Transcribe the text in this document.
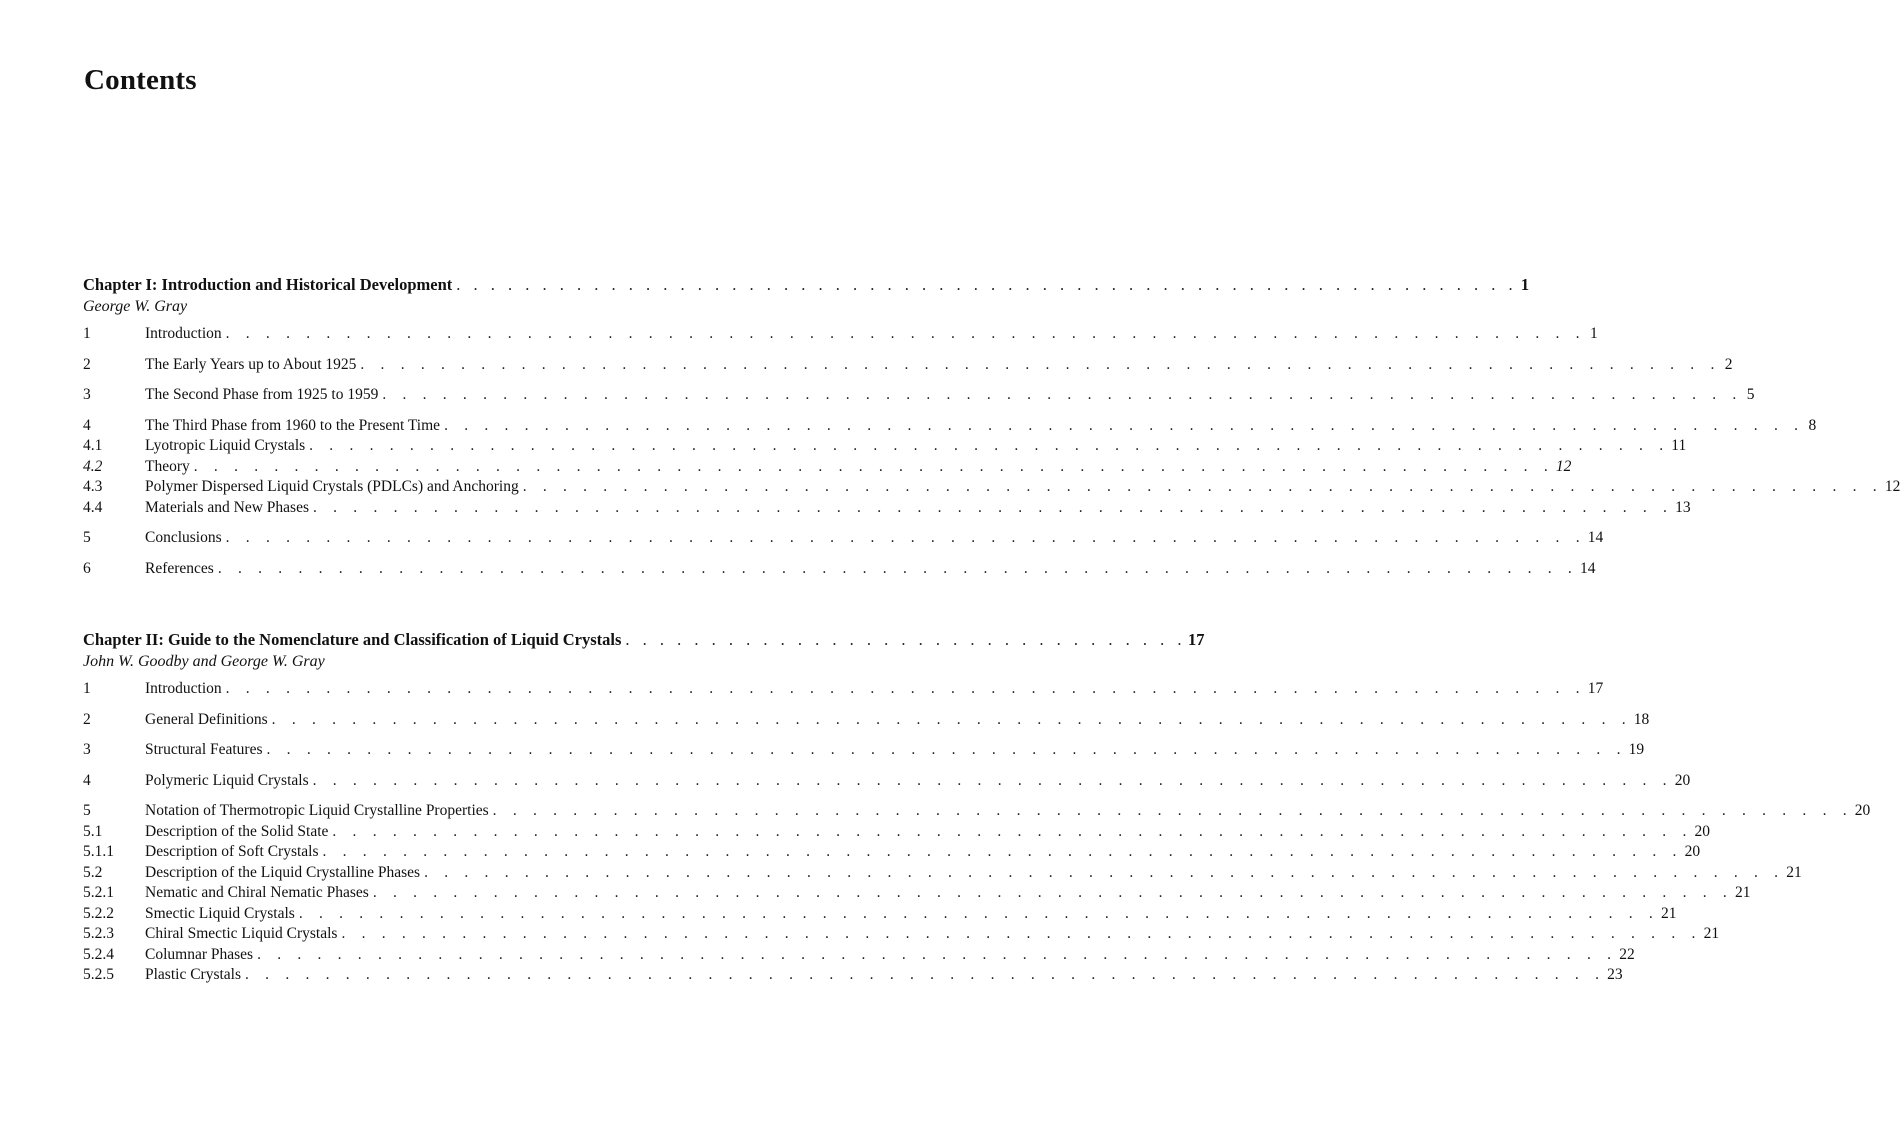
Contents
Chapter I: Introduction and Historical Development . . . . . . . . . . . . . . . . . . . . . . . . . . . . . . . . . . . . . . . . . . . . . . . . . . . . . . . . . . . . . . 1
George W. Gray
1	Introduction . . . . . . . . . . . . . . . . . . . . . . . . . . . . . . . . . . . . . . . . . . . . . . . . . . . . . . . . . . . . . . . . . . . . 1
2	The Early Years up to About 1925 . . . . . . . . . . . . . . . . . . . . . . . . . . . . . . . . . . . . . . . . . . . . . . . . . . . . . . . . . . . . . . . . . . . . 2
3	The Second Phase from 1925 to 1959 . . . . . . . . . . . . . . . . . . . . . . . . . . . . . . . . . . . . . . . . . . . . . . . . . . . . . . . . . . . . . . . . . . . . 5
4	The Third Phase from 1960 to the Present Time . . . . . . . . . . . . . . . . . . . . . . . . . . . . . . . . . . . . . . . . . . . . . . . . . . . . . . . . . . . . . . . . . . . . 8
4.1	Lyotropic Liquid Crystals . . . . . . . . . . . . . . . . . . . . . . . . . . . . . . . . . . . . . . . . . . . . . . . . . . . . . . . . . . . . . . . . . . . . 11
4.2	Theory . . . . . . . . . . . . . . . . . . . . . . . . . . . . . . . . . . . . . . . . . . . . . . . . . . . . . . . . . . . . . . . . . . . . 12
4.3	Polymer Dispersed Liquid Crystals (PDLCs) and Anchoring . . . . . . . . . . . . . . . . . . . . . . . . . . . . . . . . . . . . . . . . . . . . . . . . . . . . . . . . . . . . . . . . . . . . 12
4.4	Materials and New Phases . . . . . . . . . . . . . . . . . . . . . . . . . . . . . . . . . . . . . . . . . . . . . . . . . . . . . . . . . . . . . . . . . . . . 13
5	Conclusions . . . . . . . . . . . . . . . . . . . . . . . . . . . . . . . . . . . . . . . . . . . . . . . . . . . . . . . . . . . . . . . . . . . . 14
6	References . . . . . . . . . . . . . . . . . . . . . . . . . . . . . . . . . . . . . . . . . . . . . . . . . . . . . . . . . . . . . . . . . . . . 14
Chapter II: Guide to the Nomenclature and Classification of Liquid Crystals . . . . . . . . . . . . . . . . . . . . . . . . . . . . . . . . . 17
John W. Goodby and George W. Gray
1	Introduction . . . . . . . . . . . . . . . . . . . . . . . . . . . . . . . . . . . . . . . . . . . . . . . . . . . . . . . . . . . . . . . . . . . . 17
2	General Definitions . . . . . . . . . . . . . . . . . . . . . . . . . . . . . . . . . . . . . . . . . . . . . . . . . . . . . . . . . . . . . . . . . . . . 18
3	Structural Features . . . . . . . . . . . . . . . . . . . . . . . . . . . . . . . . . . . . . . . . . . . . . . . . . . . . . . . . . . . . . . . . . . . . 19
4	Polymeric Liquid Crystals . . . . . . . . . . . . . . . . . . . . . . . . . . . . . . . . . . . . . . . . . . . . . . . . . . . . . . . . . . . . . . . . . . . . 20
5	Notation of Thermotropic Liquid Crystalline Properties . . . . . . . . . . . . . . . . . . . . . . . . . . . . . . . . . . . . . . . . . . . . . . . . . . . . . . . . . . . . . . . . . . . . 20
5.1	Description of the Solid State . . . . . . . . . . . . . . . . . . . . . . . . . . . . . . . . . . . . . . . . . . . . . . . . . . . . . . . . . . . . . . . . . . . . 20
5.1.1	Description of Soft Crystals . . . . . . . . . . . . . . . . . . . . . . . . . . . . . . . . . . . . . . . . . . . . . . . . . . . . . . . . . . . . . . . . . . . . 20
5.2	Description of the Liquid Crystalline Phases . . . . . . . . . . . . . . . . . . . . . . . . . . . . . . . . . . . . . . . . . . . . . . . . . . . . . . . . . . . . . . . . . . . . 21
5.2.1	Nematic and Chiral Nematic Phases . . . . . . . . . . . . . . . . . . . . . . . . . . . . . . . . . . . . . . . . . . . . . . . . . . . . . . . . . . . . . . . . . . . . 21
5.2.2	Smectic Liquid Crystals . . . . . . . . . . . . . . . . . . . . . . . . . . . . . . . . . . . . . . . . . . . . . . . . . . . . . . . . . . . . . . . . . . . . 21
5.2.3	Chiral Smectic Liquid Crystals . . . . . . . . . . . . . . . . . . . . . . . . . . . . . . . . . . . . . . . . . . . . . . . . . . . . . . . . . . . . . . . . . . . . 21
5.2.4	Columnar Phases . . . . . . . . . . . . . . . . . . . . . . . . . . . . . . . . . . . . . . . . . . . . . . . . . . . . . . . . . . . . . . . . . . . . 22
5.2.5	Plastic Crystals . . . . . . . . . . . . . . . . . . . . . . . . . . . . . . . . . . . . . . . . . . . . . . . . . . . . . . . . . . . . . . . . . . . . 23
